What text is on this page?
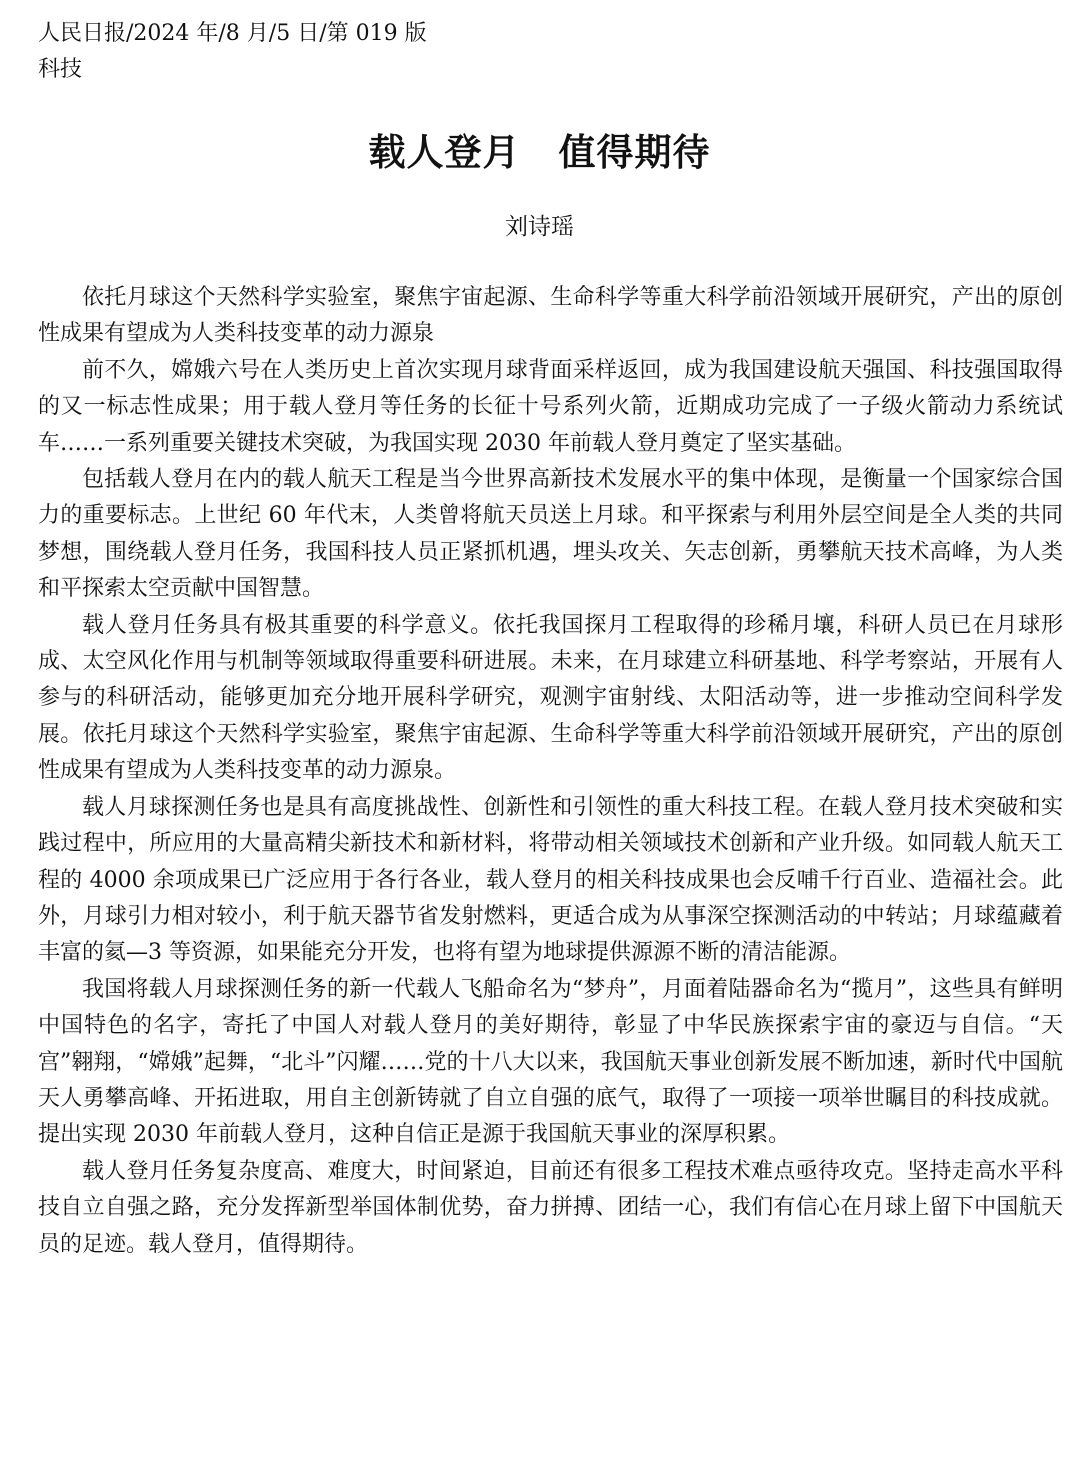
人民日报/2024 年/8 月/5 日/第 019 版
科技
载人登月　值得期待
刘诗瑶

依托月球这个天然科学实验室，聚焦宇宙起源、生命科学等重大科学前沿领域开展研究，产出的原创性成果有望成为人类科技变革的动力源泉

前不久，嫦娥六号在人类历史上首次实现月球背面采样返回，成为我国建设航天强国、科技强国取得的又一标志性成果；用于载人登月等任务的长征十号系列火箭，近期成功完成了一子级火箭动力系统试车……一系列重要关键技术突破，为我国实现 2030 年前载人登月奠定了坚实基础。

包括载人登月在内的载人航天工程是当今世界高新技术发展水平的集中体现，是衡量一个国家综合国力的重要标志。上世纪 60 年代末，人类曾将航天员送上月球。和平探索与利用外层空间是全人类的共同梦想，围绕载人登月任务，我国科技人员正紧抓机遇，埋头攻关、矢志创新，勇攀航天技术高峰，为人类和平探索太空贡献中国智慧。

载人登月任务具有极其重要的科学意义。依托我国探月工程取得的珍稀月壤，科研人员已在月球形成、太空风化作用与机制等领域取得重要科研进展。未来，在月球建立科研基地、科学考察站，开展有人参与的科研活动，能够更加充分地开展科学研究，观测宇宙射线、太阳活动等，进一步推动空间科学发展。依托月球这个天然科学实验室，聚焦宇宙起源、生命科学等重大科学前沿领域开展研究，产出的原创性成果有望成为人类科技变革的动力源泉。

载人月球探测任务也是具有高度挑战性、创新性和引领性的重大科技工程。在载人登月技术突破和实践过程中，所应用的大量高精尖新技术和新材料，将带动相关领域技术创新和产业升级。如同载人航天工程的 4000 余项成果已广泛应用于各行各业，载人登月的相关科技成果也会反哺千行百业、造福社会。此外，月球引力相对较小，利于航天器节省发射燃料，更适合成为从事深空探测活动的中转站；月球蕴藏着丰富的氦—3 等资源，如果能充分开发，也将有望为地球提供源源不断的清洁能源。

我国将载人月球探测任务的新一代载人飞船命名为“梦舟”，月面着陆器命名为“揽月”，这些具有鲜明中国特色的名字，寄托了中国人对载人登月的美好期待，彰显了中华民族探索宇宙的豪迈与自信。“天宫”翱翔，“嫦娥”起舞，“北斗”闪耀……党的十八大以来，我国航天事业创新发展不断加速，新时代中国航天人勇攀高峰、开拓进取，用自主创新铸就了自立自强的底气，取得了一项接一项举世瞩目的科技成就。提出实现 2030 年前载人登月，这种自信正是源于我国航天事业的深厚积累。

载人登月任务复杂度高、难度大，时间紧迫，目前还有很多工程技术难点亟待攻克。坚持走高水平科技自立自强之路，充分发挥新型举国体制优势，奋力拼搏、团结一心，我们有信心在月球上留下中国航天员的足迹。载人登月，值得期待。
